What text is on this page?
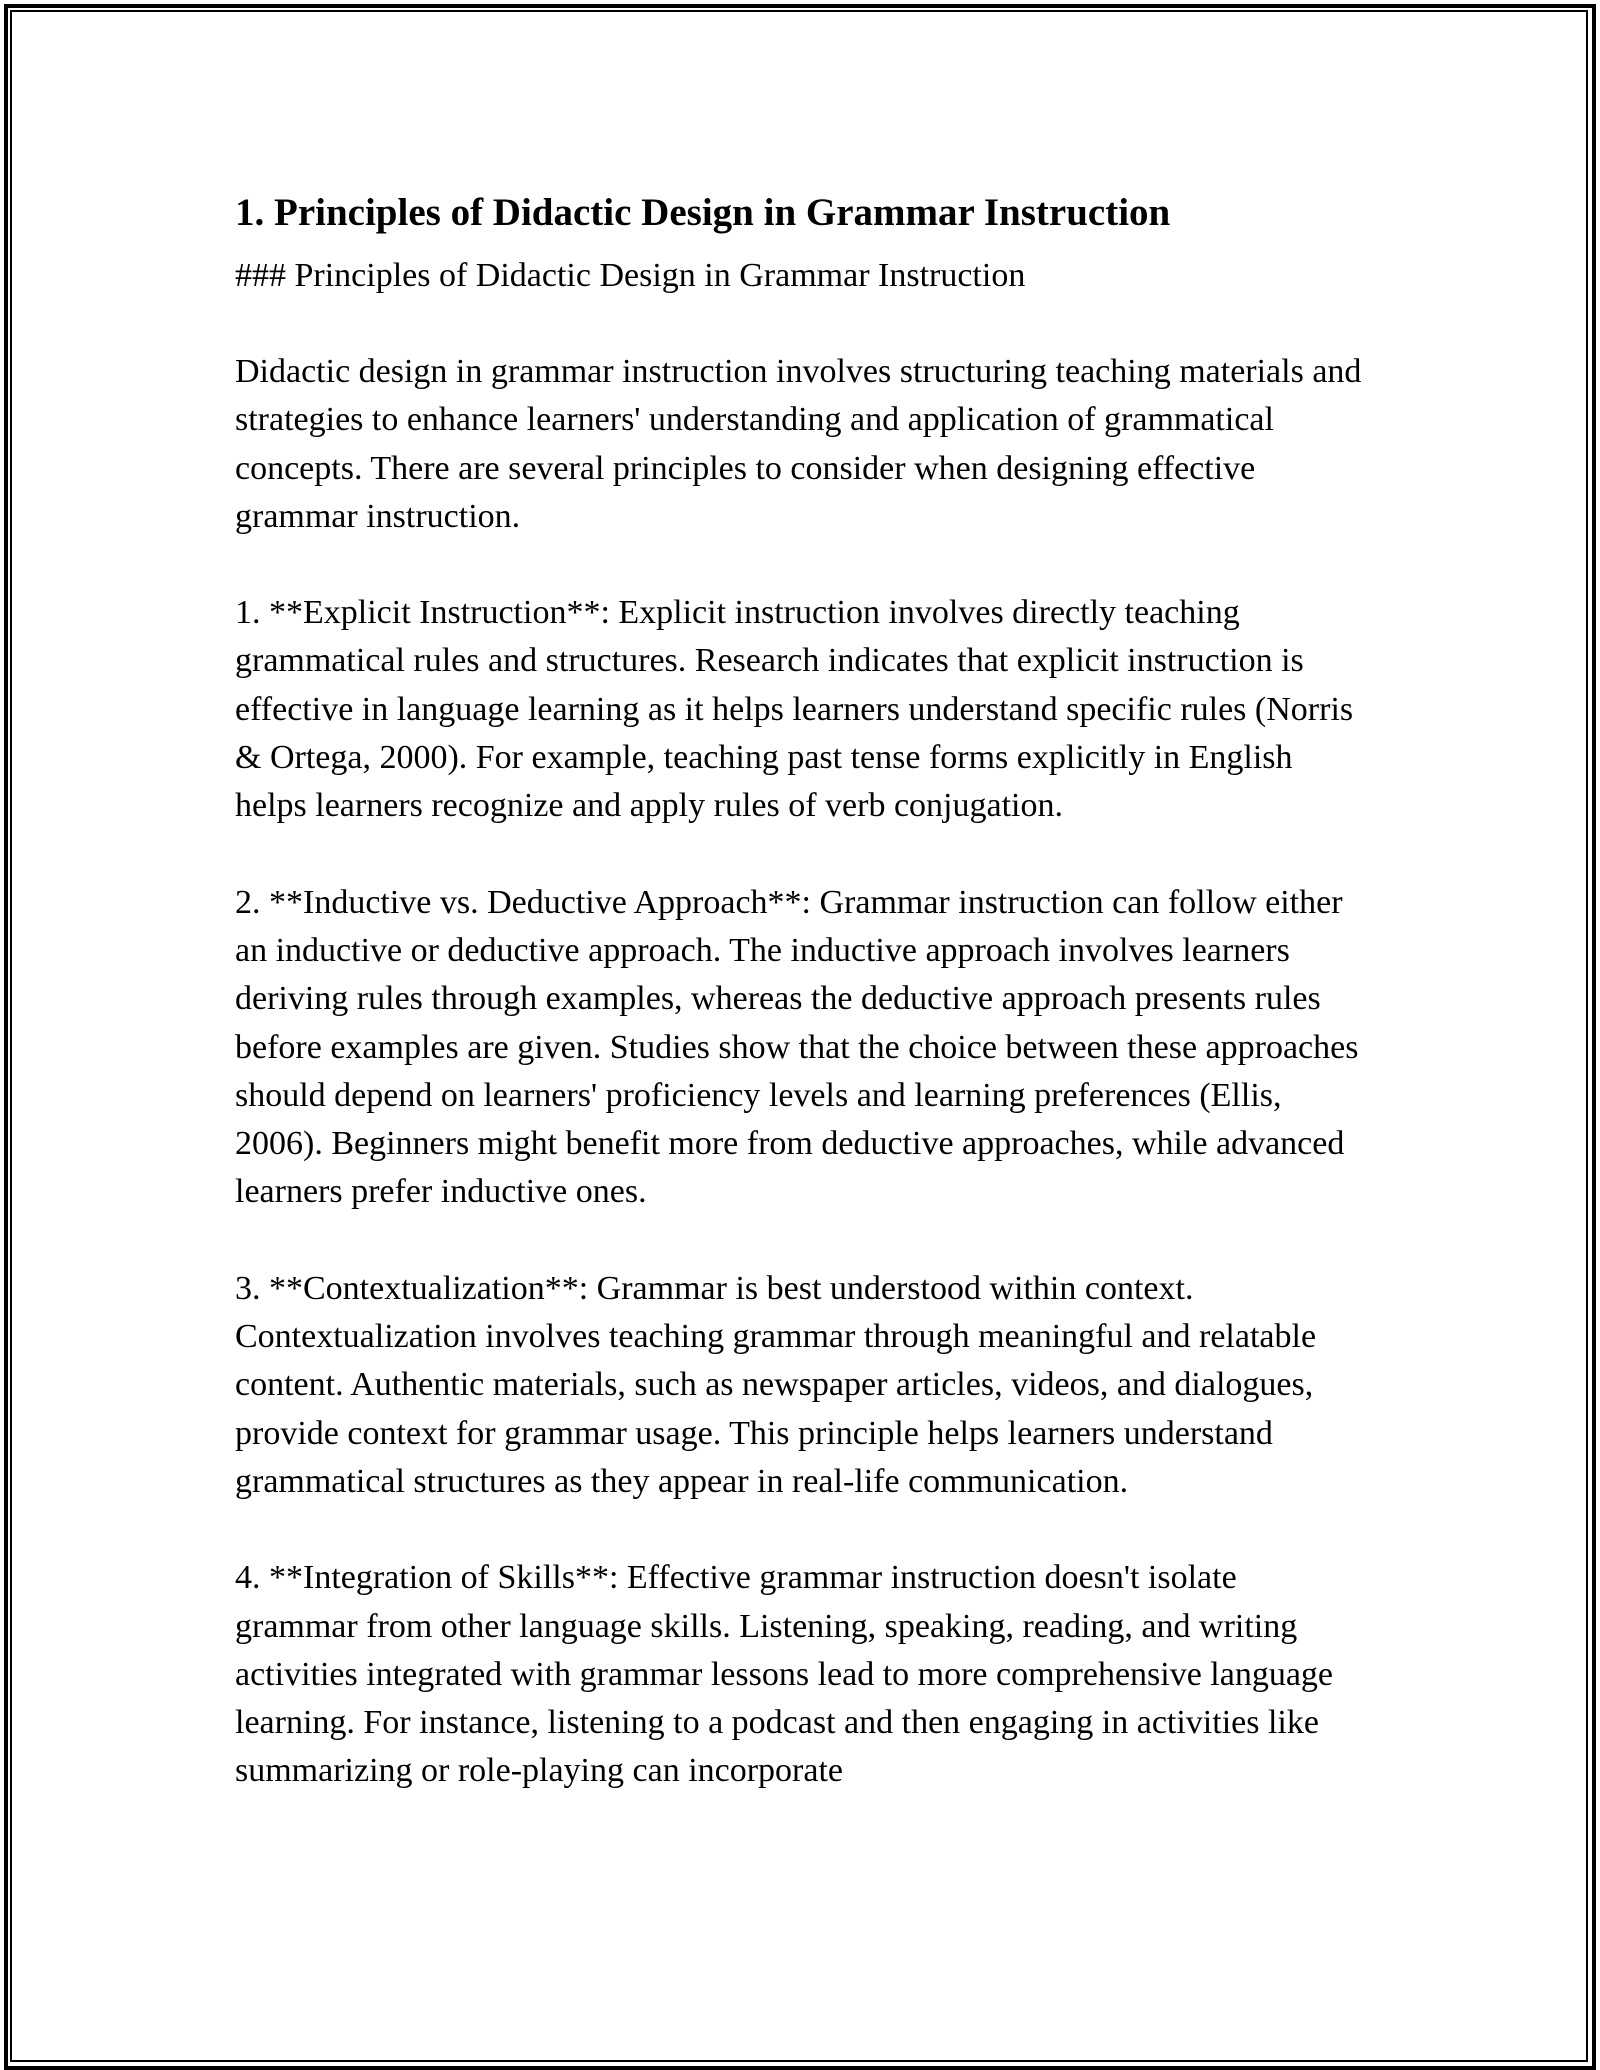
1. Principles of Didactic Design in Grammar Instruction

### Principles of Didactic Design in Grammar Instruction

Didactic design in grammar instruction involves structuring teaching materials and strategies to enhance learners' understanding and application of grammatical concepts. There are several principles to consider when designing effective grammar instruction.

1. **Explicit Instruction**: Explicit instruction involves directly teaching grammatical rules and structures. Research indicates that explicit instruction is effective in language learning as it helps learners understand specific rules (Norris & Ortega, 2000). For example, teaching past tense forms explicitly in English helps learners recognize and apply rules of verb conjugation.

2. **Inductive vs. Deductive Approach**: Grammar instruction can follow either an inductive or deductive approach. The inductive approach involves learners deriving rules through examples, whereas the deductive approach presents rules before examples are given. Studies show that the choice between these approaches should depend on learners' proficiency levels and learning preferences (Ellis, 2006). Beginners might benefit more from deductive approaches, while advanced learners prefer inductive ones.

3. **Contextualization**: Grammar is best understood within context. Contextualization involves teaching grammar through meaningful and relatable content. Authentic materials, such as newspaper articles, videos, and dialogues, provide context for grammar usage. This principle helps learners understand grammatical structures as they appear in real-life communication.

4. **Integration of Skills**: Effective grammar instruction doesn't isolate grammar from other language skills. Listening, speaking, reading, and writing activities integrated with grammar lessons lead to more comprehensive language learning. For instance, listening to a podcast and then engaging in activities like summarizing or role-playing can incorporate
